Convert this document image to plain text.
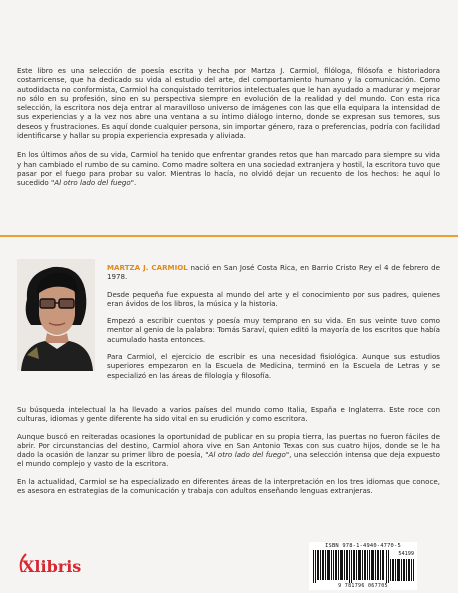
Este libro es una selección de poesía escrita y hecha por Martza J. Carmiol, filóloga, filósofa e historiadora costarricense, que ha dedicado su vida al estudio del arte, del comportamiento humano y la comunicación. Como autodidacta no conformista, Carmiol ha conquistado territorios intelectuales que le han ayudado a madurar y mejorar no sólo en su profesión, sino en su perspectiva siempre en evolución de la realidad y del mundo. Con esta rica selección, la escritora nos deja entrar al maravilloso universo de imágenes con las que ella equipara la intensidad de sus experiencias y a la vez nos abre una ventana a su íntimo diálogo interno, donde se expresan sus temores, sus deseos y frustraciones. Es aquí donde cualquier persona, sin importar género, raza o preferencias, podría con facilidad identificarse y hallar su propia experiencia expresada y aliviada.

En los últimos años de su vida, Carmiol ha tenido que enfrentar grandes retos que han marcado para siempre su vida y han cambiado el rumbo de su camino. Como madre soltera en una sociedad extranjera y hostil, la escritora tuvo que pasar por el fuego para probar su valor. Mientras lo hacía, no olvidó dejar un recuento de los hechos: he aquí lo sucedido "Al otro lado del fuego".

MARTZA J. CARMIOL nació en San José Costa Rica, en Barrio Cristo Rey el 4 de febrero de 1978.

Desde pequeña fue expuesta al mundo del arte y el conocimiento por sus padres, quienes eran ávidos de los libros, la música y la historia.

Empezó a escribir cuentos y poesía muy temprano en su vida. En sus veinte tuvo como mentor al genio de la palabra: Tomás Saraví, quien editó la mayoría de los escritos que había acumulado hasta entonces.

Para Carmiol, el ejercicio de escribir es una necesidad fisiológica. Aunque sus estudios superiores empezaron en la Escuela de Medicina, terminó en la Escuela de Letras y se especializó en las áreas de filología y filosofía.

Su búsqueda intelectual la ha llevado a varios países del mundo como Italia, España e Inglaterra. Este roce con culturas, idiomas y gente diferente ha sido vital en su erudición y como escritora.

Aunque buscó en reiteradas ocasiones la oportunidad de publicar en su propia tierra, las puertas no fueron fáciles de abrir. Por circunstancias del destino, Carmiol ahora vive en San Antonio Texas con sus cuatro hijos, donde se le ha dado la ocasión de lanzar su primer libro de poesía, "Al otro lado del fuego", una selección intensa que deja expuesto el mundo complejo y vasto de la escritora.

En la actualidad, Carmiol se ha especializado en diferentes áreas de la interpretación en los tres idiomas que conoce, es asesora en estrategias de la comunicación y trabaja con adultos enseñando lenguas extranjeras.

Xlibris
ISBN 978-1-4940-4770-5
54199
9 781796 067705
